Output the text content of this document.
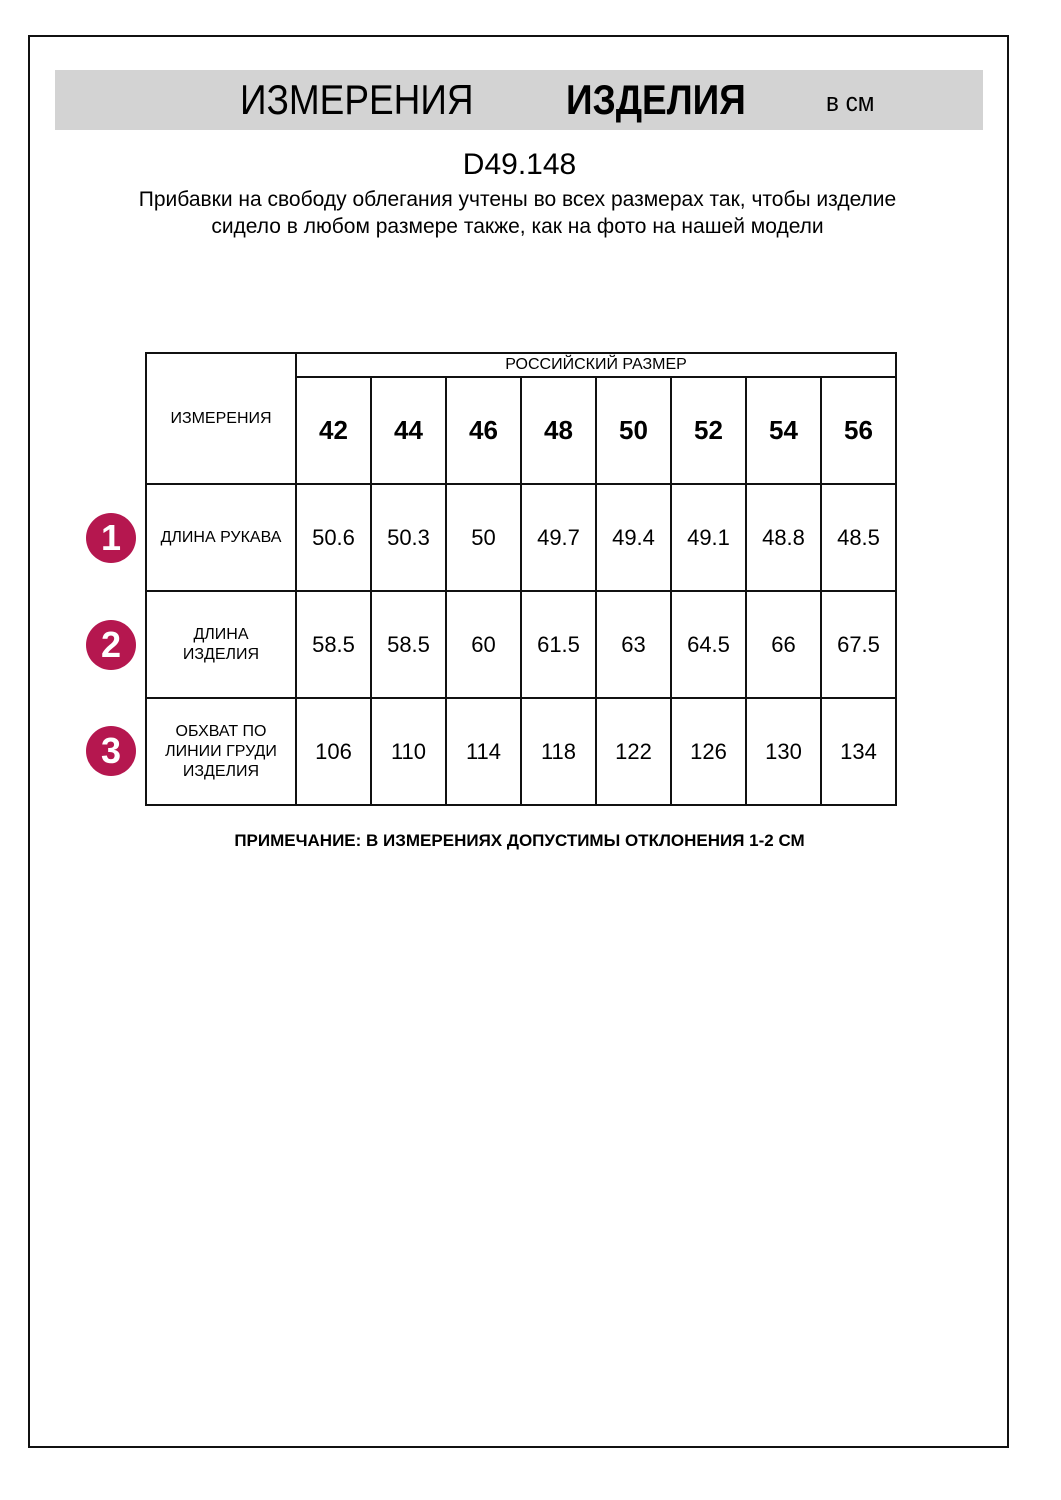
ИЗМЕРЕНИЯ ИЗДЕЛИЯ	в см
D49.148
Прибавки на свободу облегания учтены во всех размерах так, чтобы изделие сидело в любом размере также, как на фото на нашей модели
ИЗМЕРЕНИЯ	РОССИЙСКИЙ РАЗМЕР							
	42	44	46	48	50	52	54	56
ДЛИНА РУКАВА	50.6	50.3	50	49.7	49.4	49.1	48.8	48.5
ДЛИНА ИЗДЕЛИЯ	58.5	58.5	60	61.5	63	64.5	66	67.5
ОБХВАТ ПО ЛИНИИ ГРУДИ ИЗДЕЛИЯ	106	110	114	118	122	126	130	134
1
2
3
ПРИМЕЧАНИЕ: В ИЗМЕРЕНИЯХ ДОПУСТИМЫ ОТКЛОНЕНИЯ 1-2 СМ
